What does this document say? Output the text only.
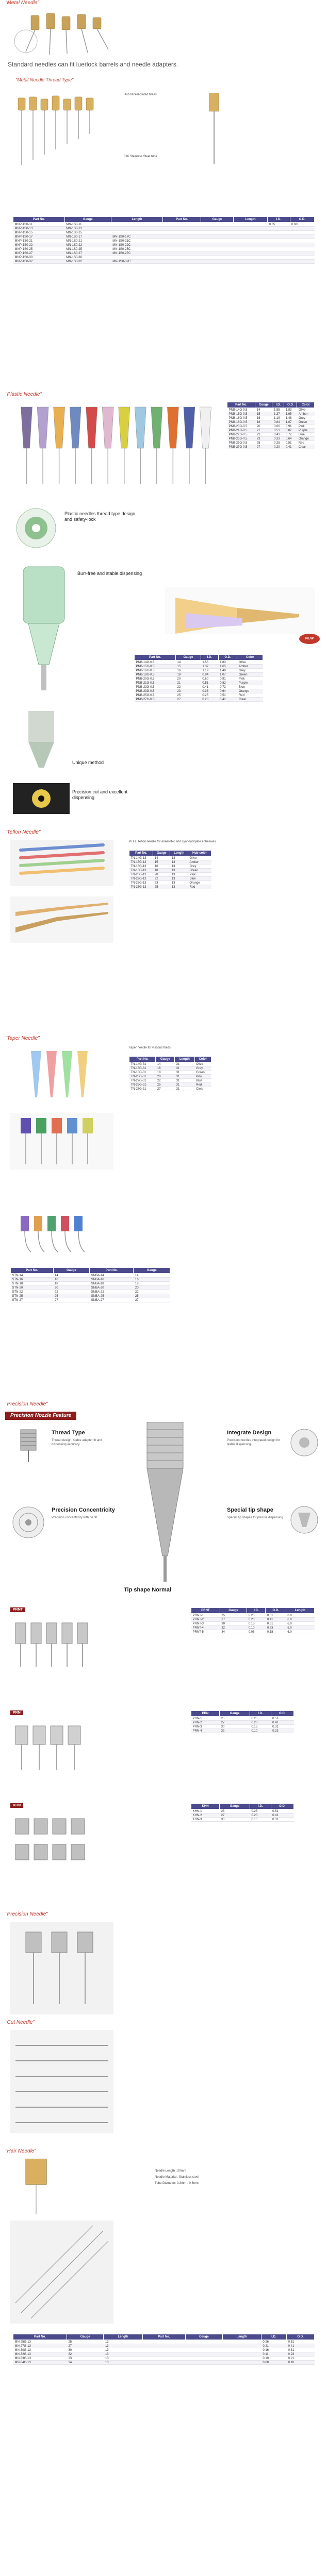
"Metal Needle"
Standard needles can fit luerlock barrels and needle adapters.
"Metal Needle Thread Type"
Hub Nickel-plated brass
316 Stainless Steel tube
Part No.	Gauge	Length	Part No.	Gauge	Length	I.D.	O.D.
MNP-1S0-11	MN-1S0-11					0.35	0.60
MNP-1S0-13	MN-1S0-13						
MNP-1S0-15	MN-1S0-15						
MNP-1S0-17	MN-1S0-17	MN-1S0-17C					
MNP-1S0-21	MN-1S0-21	MN-1S0-21C					
MNP-1S0-22	MN-1S0-22	MN-1S0-22C					
MNP-1S0-25	MN-1S0-25	MN-1S0-25C					
MNP-1S0-27	MN-1S0-27	MN-1S0-27C					
MNP-1S0-30	MN-1S0-30						
MNP-1S0-32	MN-1S0-32	MN-1S0-32C					
"Plastic Needle"
Part No.	Gauge	I.D.	O.D.	Color
PNB-14G-0.5	14	1.55	1.83	Olive
PNB-15G-0.5	15	1.37	1.65	Amber
PNB-16G-0.5	16	1.19	1.48	Grey
PNB-18G-0.5	18	0.84	1.07	Green
PNB-20G-0.5	20	0.60	0.91	Pink
PNB-21G-0.5	21	0.51	0.82	Purple
PNB-22G-0.5	22	0.41	0.72	Blue
PNB-23G-0.5	23	0.33	0.64	Orange
PNB-25G-0.5	25	0.25	0.51	Red
PNB-27G-0.5	27	0.20	0.41	Clear
Plastic needles thread type design and safety-lock
Burr-free and stable dispensing
NEW
Part No.	Gauge	I.D.	O.D.	Color
PNB-14G-0.5	14	1.55	1.83	Olive
PNB-15G-0.5	15	1.37	1.65	Amber
PNB-16G-0.5	16	1.19	1.48	Grey
PNB-18G-0.5	18	0.84	1.07	Green
PNB-20G-0.5	20	0.60	0.91	Pink
PNB-21G-0.5	21	0.51	0.82	Purple
PNB-22G-0.5	22	0.41	0.72	Blue
PNB-23G-0.5	23	0.33	0.64	Orange
PNB-25G-0.5	25	0.25	0.51	Red
PNB-27G-0.5	27	0.20	0.41	Clear
Unique method
Precision cut and excellent dispensing
"Teflon Needle"
PTFE Teflon needle for anaerobic and cyanoacrylate adhesives
Part No.	Gauge	Length	Hub color
TN-14G-13	14	13	Olive
TN-15G-13	15	13	Amber
TN-16G-13	16	13	Grey
TN-18G-13	18	13	Green
TN-20G-13	20	13	Pink
TN-22G-13	22	13	Blue
TN-23G-13	23	13	Orange
TN-25G-13	25	13	Red
"Taper Needle"
Taper needle for viscous fluids
Part No.	Gauge	Length	Color
TN-14G-31	14	31	Olive
TN-16G-31	16	31	Grey
TN-18G-31	18	31	Green
TN-20G-31	20	31	Pink
TN-22G-31	22	31	Blue
TN-25G-31	25	31	Red
TN-27G-31	27	31	Clear
Part No.	Gauge	Part No.	Gauge
STN-14	14	SNBA-14	14
STN-16	16	SNBA-16	16
STN-18	18	SNBA-18	18
STN-20	20	SNBA-20	20
STN-22	22	SNBA-22	22
STN-25	25	SNBA-25	25
STN-27	27	SNBA-27	27
"Precision Needle"
Precision Nozzle Feature
Thread Type
Thread design, stable adapter fit and dispensing accuracy.
Integrate Design
Precision nozzles integrated design for stable dispensing.
Precision Concentricity
Precision concentricity with no tilt.
Tip shape Normal
Special tip shape
Special tip shapes for precise dispensing.
PRNT	PRNT	Gauge	I.D.	O.D.	Length
PRNT-1	25	0.25	0.51	6.0
PRNT-2	27	0.20	0.41	6.0
PRNT-3	30	0.15	0.31	6.0
PRNT-4	32	0.10	0.23	6.0
PRNT-5	34	0.06	0.18	6.0
PRN	PRN	Gauge	I.D.	O.D.
PRN-1	25	0.25	0.51
PRN-2	27	0.20	0.41
PRN-3	30	0.15	0.31
PRN-4	32	0.10	0.23
KHN	KHN	Gauge	I.D.	O.D.
KHN-1	25	0.25	0.51
KHN-2	27	0.20	0.41
KHN-3	30	0.15	0.31
"Precision Needle"
"Cut Needle"
"Hair Needle"
Needle Length : 20mm
Needle Material : Stainless steel
Tube Diameter: 0.3mm - 0.6mm
Part No.	Gauge	Length	Part No.	Gauge	Length	I.D.	O.D.
MN-25G-13	25	13				0.26	0.51
MN-27G-13	27	13				0.21	0.41
MN-30G-13	30	13				0.16	0.31
MN-32G-13	32	13				0.11	0.23
MN-33G-13	33	13				0.10	0.21
MN-34G-13	34	13				0.08	0.18
